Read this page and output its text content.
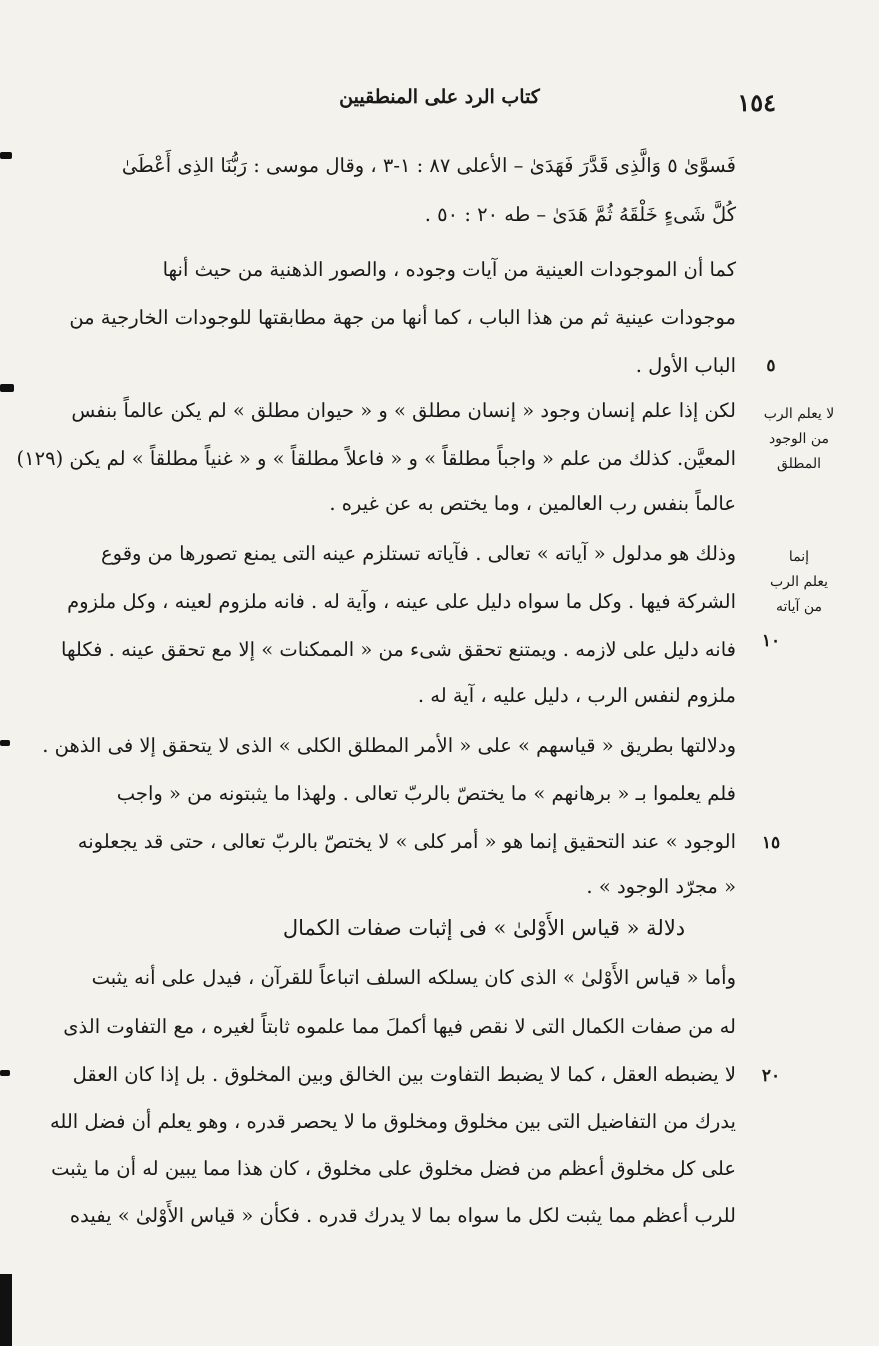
كتاب الرد على المنطقيين	١٥٤
فَسوَّىٰ ٥ وَالَّذِى قَدَّرَ فَهَدَىٰ – الأعلى ٨٧ : ١-٣ ، وقال موسى : رَبُّنَا الذِى أَعْطَىٰ
كُلَّ شَىءٍ خَلْقَهُ ثُمَّ هَدَىٰ – طه ٢٠ : ٥٠ .
كما أن الموجودات العينية من آيات وجوده ، والصور الذهنية من حيث أنها
موجودات عينية ثم من هذا الباب ، كما أنها من جهة مطابقتها للوجودات الخارجية من
الباب الأول .
لكن إذا علم إنسان وجود « إنسان مطلق » و « حيوان مطلق » لم يكن عالماً بنفس
المعيَّن. كذلك من علم « واجباً مطلقاً » و « فاعلاً مطلقاً » و « غنياً مطلقاً » لم يكن (١٢٩)
عالماً بنفس رب العالمين ، وما يختص به عن غيره .
وذلك هو مدلول « آياته » تعالى . فآياته تستلزم عينه التى يمنع تصورها من وقوع
الشركة فيها . وكل ما سواه دليل على عينه ، وآية له . فانه ملزوم لعينه ، وكل ملزوم
فانه دليل على لازمه . ويمتنع تحقق شىء من « الممكنات » إلا مع تحقق عينه . فكلها
ملزوم لنفس الرب ، دليل عليه ، آية له .
ودلالتها بطريق « قياسهم » على « الأمر المطلق الكلى » الذى لا يتحقق إلا فى الذهن .
فلم يعلموا بـ « برهانهم » ما يختصّ بالربّ تعالى . ولهذا ما يثبتونه من « واجب
الوجود » عند التحقيق إنما هو « أمر كلى » لا يختصّ بالربّ تعالى ، حتى قد يجعلونه
« مجرّد الوجود » .
دلالة « قياس الأَوْلىٰ » فى إثبات صفات الكمال
وأما « قياس الأَوْلىٰ » الذى كان يسلكه السلف اتباعاً للقرآن ، فيدل على أنه يثبت
له من صفات الكمال التى لا نقص فيها أكملَ مما علموه ثابتاً لغيره ، مع التفاوت الذى
لا يضبطه العقل ، كما لا يضبط التفاوت بين الخالق وبين المخلوق . بل إذا كان العقل
يدرك من التفاضيل التى بين مخلوق ومخلوق ما لا يحصر قدره ، وهو يعلم أن فضل الله
على كل مخلوق أعظم من فضل مخلوق على مخلوق ، كان هذا مما يبين له أن ما يثبت
للرب أعظم مما يثبت لكل ما سواه بما لا يدرك قدره . فكأن « قياس الأَوْلىٰ » يفيده
٥
١٠
١٥
٢٠
لا يعلم الرب
من الوجود
المطلق
إنما
يعلم الرب
من آياته
